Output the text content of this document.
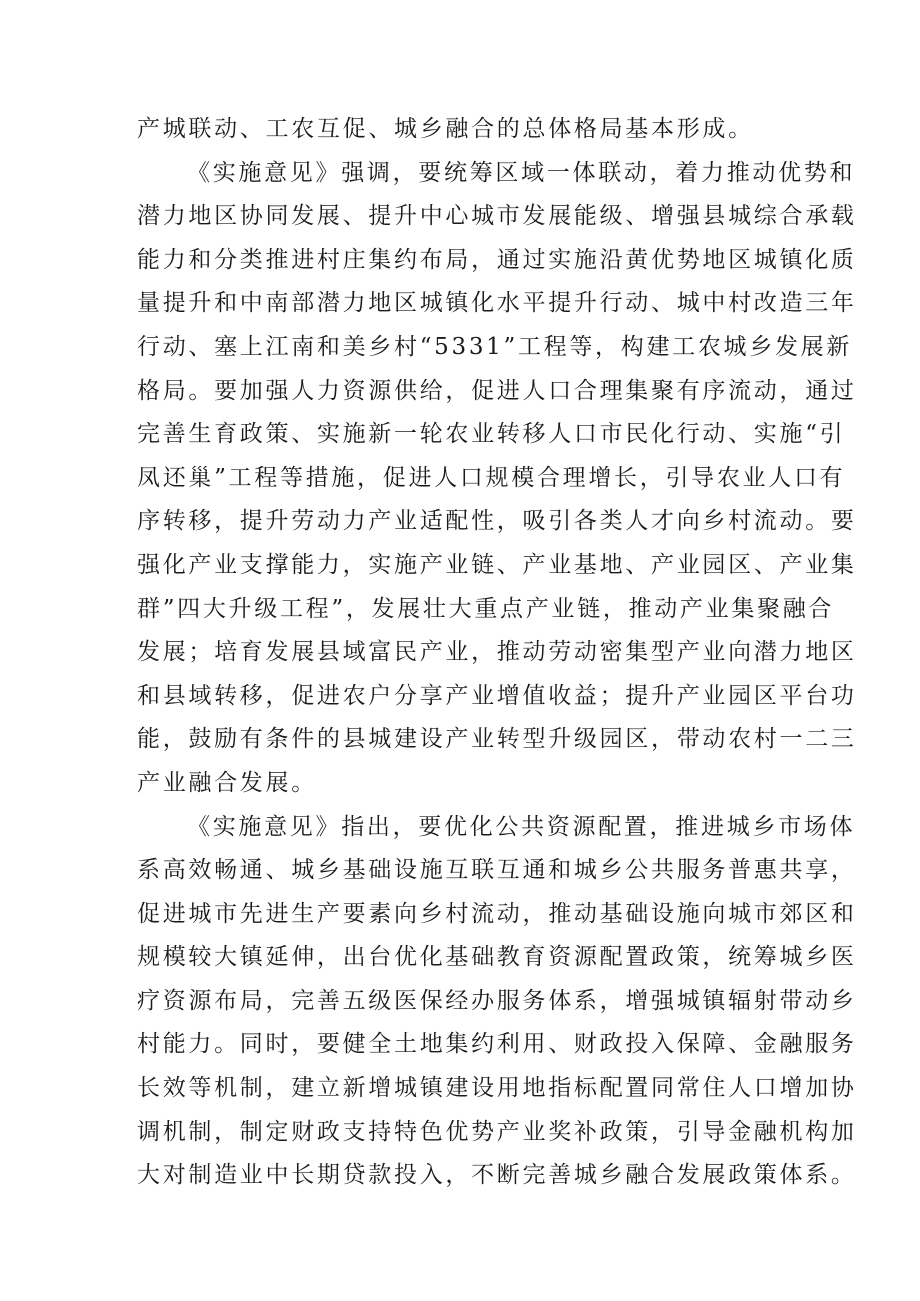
产城联动、工农互促、城乡融合的总体格局基本形成。
《实施意见》强调，要统筹区域一体联动，着力推动优势和
潜力地区协同发展、提升中心城市发展能级、增强县城综合承载
能力和分类推进村庄集约布局，通过实施沿黄优势地区城镇化质
量提升和中南部潜力地区城镇化水平提升行动、城中村改造三年
行动、塞上江南和美乡村“5331”工程等，构建工农城乡发展新
格局。要加强人力资源供给，促进人口合理集聚有序流动，通过
完善生育政策、实施新一轮农业转移人口市民化行动、实施“引
凤还巢”工程等措施，促进人口规模合理增长，引导农业人口有
序转移，提升劳动力产业适配性，吸引各类人才向乡村流动。要
强化产业支撑能力，实施产业链、产业基地、产业园区、产业集
群”四大升级工程”，发展壮大重点产业链，推动产业集聚融合
发展；培育发展县域富民产业，推动劳动密集型产业向潜力地区
和县域转移，促进农户分享产业增值收益；提升产业园区平台功
能，鼓励有条件的县城建设产业转型升级园区，带动农村一二三
产业融合发展。
《实施意见》指出，要优化公共资源配置，推进城乡市场体
系高效畅通、城乡基础设施互联互通和城乡公共服务普惠共享，
促进城市先进生产要素向乡村流动，推动基础设施向城市郊区和
规模较大镇延伸，出台优化基础教育资源配置政策，统筹城乡医
疗资源布局，完善五级医保经办服务体系，增强城镇辐射带动乡
村能力。同时，要健全土地集约利用、财政投入保障、金融服务
长效等机制，建立新增城镇建设用地指标配置同常住人口增加协
调机制，制定财政支持特色优势产业奖补政策，引导金融机构加
大对制造业中长期贷款投入，不断完善城乡融合发展政策体系。
